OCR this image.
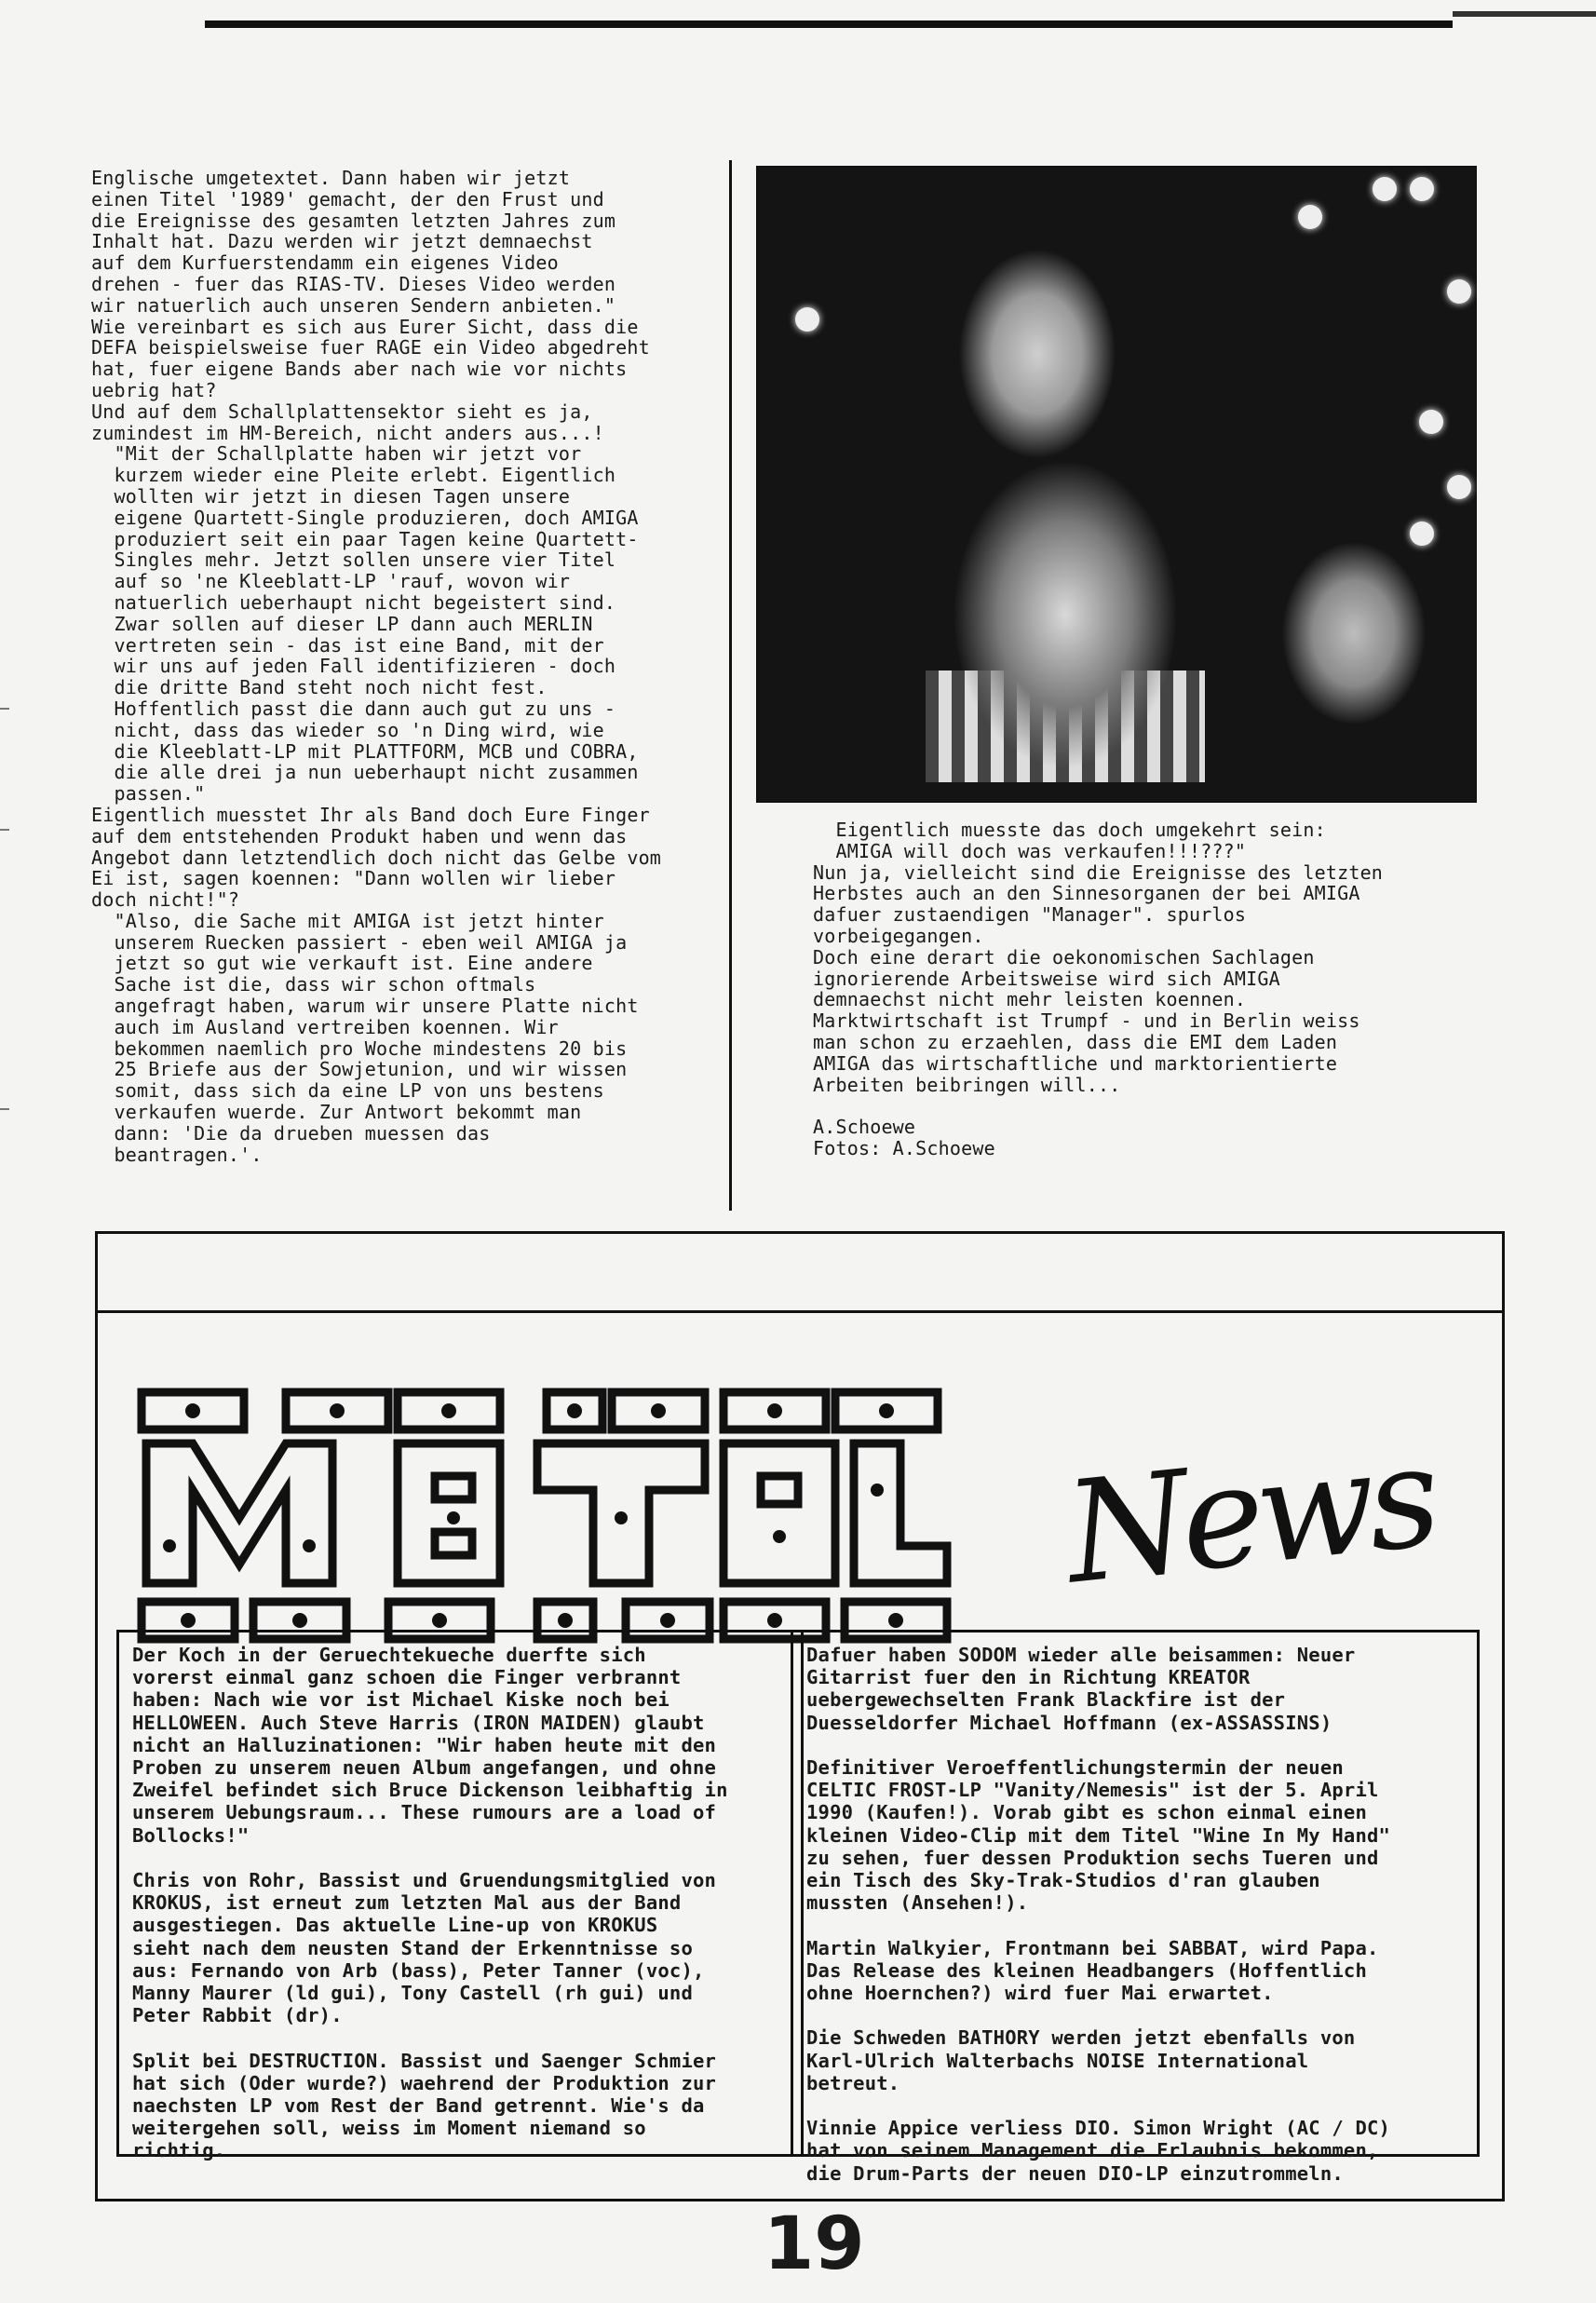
Englische umgetextet. Dann haben wir jetzt
einen Titel '1989' gemacht, der den Frust und
die Ereignisse des gesamten letzten Jahres zum
Inhalt hat. Dazu werden wir jetzt demnaechst
auf dem Kurfuerstendamm ein eigenes Video
drehen - fuer das RIAS-TV. Dieses Video werden
wir natuerlich auch unseren Sendern anbieten."
Wie vereinbart es sich aus Eurer Sicht, dass die
DEFA beispielsweise fuer RAGE ein Video abgedreht
hat, fuer eigene Bands aber nach wie vor nichts
uebrig hat?
Und auf dem Schallplattensektor sieht es ja,
zumindest im HM-Bereich, nicht anders aus...!
"Mit der Schallplatte haben wir jetzt vor
kurzem wieder eine Pleite erlebt. Eigentlich
wollten wir jetzt in diesen Tagen unsere
eigene Quartett-Single produzieren, doch AMIGA
produziert seit ein paar Tagen keine Quartett-
Singles mehr. Jetzt sollen unsere vier Titel
auf so 'ne Kleeblatt-LP 'rauf, wovon wir
natuerlich ueberhaupt nicht begeistert sind.
Zwar sollen auf dieser LP dann auch MERLIN
vertreten sein - das ist eine Band, mit der
wir uns auf jeden Fall identifizieren - doch
die dritte Band steht noch nicht fest.
Hoffentlich passt die dann auch gut zu uns -
nicht, dass das wieder so 'n Ding wird, wie
die Kleeblatt-LP mit PLATTFORM, MCB und COBRA,
die alle drei ja nun ueberhaupt nicht zusammen
passen."
Eigentlich muesstet Ihr als Band doch Eure Finger
auf dem entstehenden Produkt haben und wenn das
Angebot dann letztendlich doch nicht das Gelbe vom
Ei ist, sagen koennen: "Dann wollen wir lieber
doch nicht!"?
"Also, die Sache mit AMIGA ist jetzt hinter
unserem Ruecken passiert - eben weil AMIGA ja
jetzt so gut wie verkauft ist. Eine andere
Sache ist die, dass wir schon oftmals
angefragt haben, warum wir unsere Platte nicht
auch im Ausland vertreiben koennen. Wir
bekommen naemlich pro Woche mindestens 20 bis
25 Briefe aus der Sowjetunion, und wir wissen
somit, dass sich da eine LP von uns bestens
verkaufen wuerde. Zur Antwort bekommt man
dann: 'Die da drueben muessen das
beantragen.'.
Eigentlich muesste das doch umgekehrt sein:
AMIGA will doch was verkaufen!!!???"
Nun ja, vielleicht sind die Ereignisse des letzten
Herbstes auch an den Sinnesorganen der bei AMIGA
dafuer zustaendigen "Manager". spurlos
vorbeigegangen.
Doch eine derart die oekonomischen Sachlagen
ignorierende Arbeitsweise wird sich AMIGA
demnaechst nicht mehr leisten koennen.
Marktwirtschaft ist Trumpf - und in Berlin weiss
man schon zu erzaehlen, dass die EMI dem Laden
AMIGA das wirtschaftliche und marktorientierte
Arbeiten beibringen will...

A.Schoewe
Fotos: A.Schoewe
News
Der Koch in der Geruechtekueche duerfte sich
vorerst einmal ganz schoen die Finger verbrannt
haben: Nach wie vor ist Michael Kiske noch bei
HELLOWEEN. Auch Steve Harris (IRON MAIDEN) glaubt
nicht an Halluzinationen: "Wir haben heute mit den
Proben zu unserem neuen Album angefangen, und ohne
Zweifel befindet sich Bruce Dickenson leibhaftig in
unserem Uebungsraum... These rumours are a load of
Bollocks!"

Chris von Rohr, Bassist und Gruendungsmitglied von
KROKUS, ist erneut zum letzten Mal aus der Band
ausgestiegen. Das aktuelle Line-up von KROKUS
sieht nach dem neusten Stand der Erkenntnisse so
aus: Fernando von Arb (bass), Peter Tanner (voc),
Manny Maurer (ld gui), Tony Castell (rh gui) und
Peter Rabbit (dr).

Split bei DESTRUCTION. Bassist und Saenger Schmier
hat sich (Oder wurde?) waehrend der Produktion zur
naechsten LP vom Rest der Band getrennt. Wie's da
weitergehen soll, weiss im Moment niemand so
richtig.
Dafuer haben SODOM wieder alle beisammen: Neuer
Gitarrist fuer den in Richtung KREATOR
uebergewechselten Frank Blackfire ist der
Duesseldorfer Michael Hoffmann (ex-ASSASSINS)

Definitiver Veroeffentlichungstermin der neuen
CELTIC FROST-LP "Vanity/Nemesis" ist der 5. April
1990 (Kaufen!). Vorab gibt es schon einmal einen
kleinen Video-Clip mit dem Titel "Wine In My Hand"
zu sehen, fuer dessen Produktion sechs Tueren und
ein Tisch des Sky-Trak-Studios d'ran glauben
mussten (Ansehen!).

Martin Walkyier, Frontmann bei SABBAT, wird Papa.
Das Release des kleinen Headbangers (Hoffentlich
ohne Hoernchen?) wird fuer Mai erwartet.

Die Schweden BATHORY werden jetzt ebenfalls von
Karl-Ulrich Walterbachs NOISE International
betreut.

Vinnie Appice verliess DIO. Simon Wright (AC / DC)
hat von seinem Management die Erlaubnis bekommen,
die Drum-Parts der neuen DIO-LP einzutrommeln.
19
